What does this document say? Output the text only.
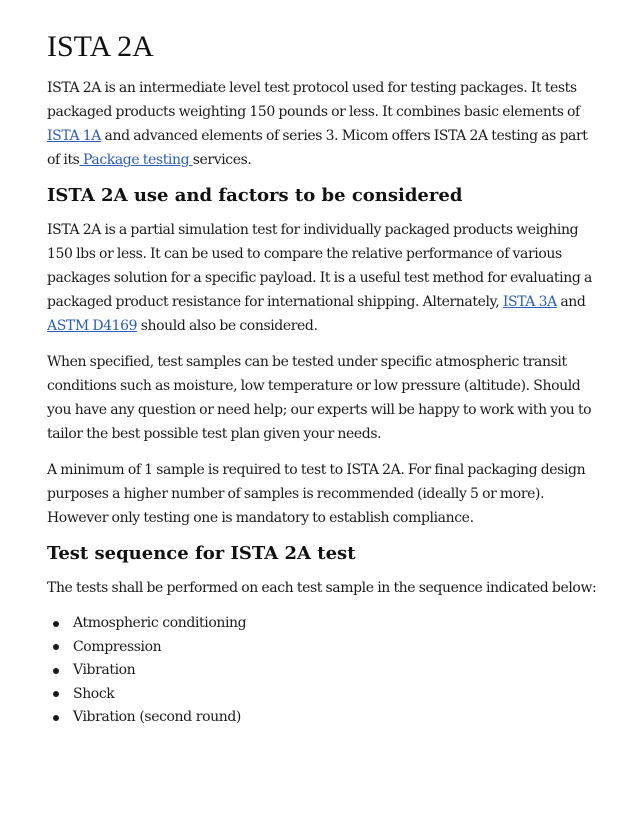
ISTA 2A

ISTA 2A is an intermediate level test protocol used for testing packages. It tests packaged products weighting 150 pounds or less. It combines basic elements of ISTA 1A and advanced elements of series 3. Micom offers ISTA 2A testing as part of its Package testing services.

ISTA 2A use and factors to be considered

ISTA 2A is a partial simulation test for individually packaged products weighing 150 lbs or less. It can be used to compare the relative performance of various packages solution for a specific payload. It is a useful test method for evaluating a packaged product resistance for international shipping. Alternately, ISTA 3A and ASTM D4169 should also be considered.

When specified, test samples can be tested under specific atmospheric transit conditions such as moisture, low temperature or low pressure (altitude). Should you have any question or need help; our experts will be happy to work with you to tailor the best possible test plan given your needs.

A minimum of 1 sample is required to test to ISTA 2A. For final packaging design purposes a higher number of samples is recommended (ideally 5 or more). However only testing one is mandatory to establish compliance.

Test sequence for ISTA 2A test

The tests shall be performed on each test sample in the sequence indicated below:

Atmospheric conditioning
Compression
Vibration
Shock
Vibration (second round)
